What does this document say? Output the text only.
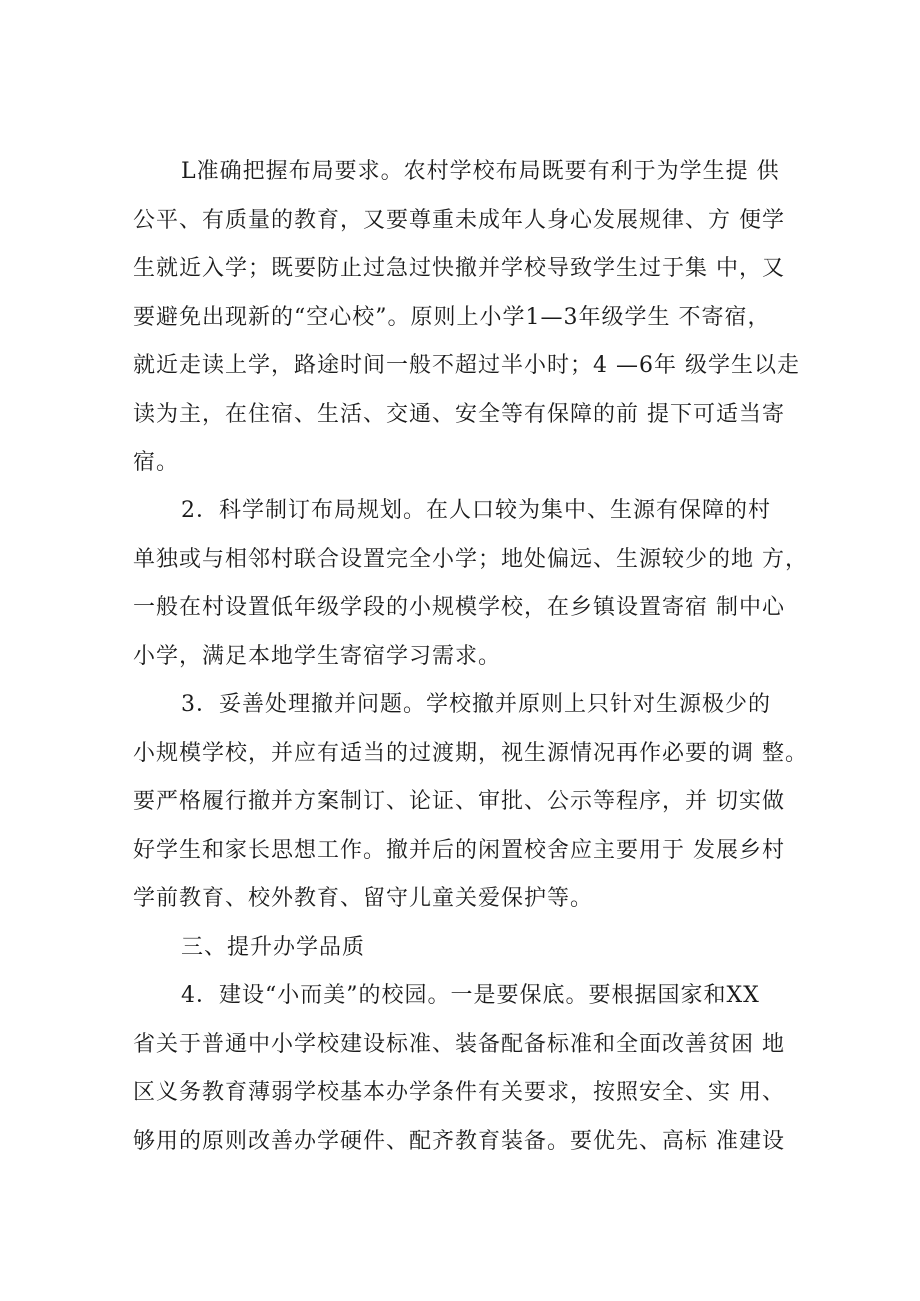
L准确把握布局要求。农村学校布局既要有利于为学生提 供
公平、有质量的教育，又要尊重未成年人身心发展规律、方 便学
生就近入学；既要防止过急过快撤并学校导致学生过于集 中，又
要避免出现新的“空心校”。原则上小学1—3年级学生 不寄宿，
就近走读上学，路途时间一般不超过半小时；4 —6年 级学生以走
读为主，在住宿、生活、交通、安全等有保障的前 提下可适当寄
宿。
2．科学制订布局规划。在人口较为集中、生源有保障的村
单独或与相邻村联合设置完全小学；地处偏远、生源较少的地 方，
一般在村设置低年级学段的小规模学校，在乡镇设置寄宿 制中心
小学，满足本地学生寄宿学习需求。
3．妥善处理撤并问题。学校撤并原则上只针对生源极少的
小规模学校，并应有适当的过渡期，视生源情况再作必要的调 整。
要严格履行撤并方案制订、论证、审批、公示等程序，并 切实做
好学生和家长思想工作。撤并后的闲置校舍应主要用于 发展乡村
学前教育、校外教育、留守儿童关爱保护等。
三、提升办学品质
4．建设“小而美”的校园。一是要保底。要根据国家和XX
省关于普通中小学校建设标准、装备配备标准和全面改善贫困 地
区义务教育薄弱学校基本办学条件有关要求，按照安全、实 用、
够用的原则改善办学硬件、配齐教育装备。要优先、高标 准建设
